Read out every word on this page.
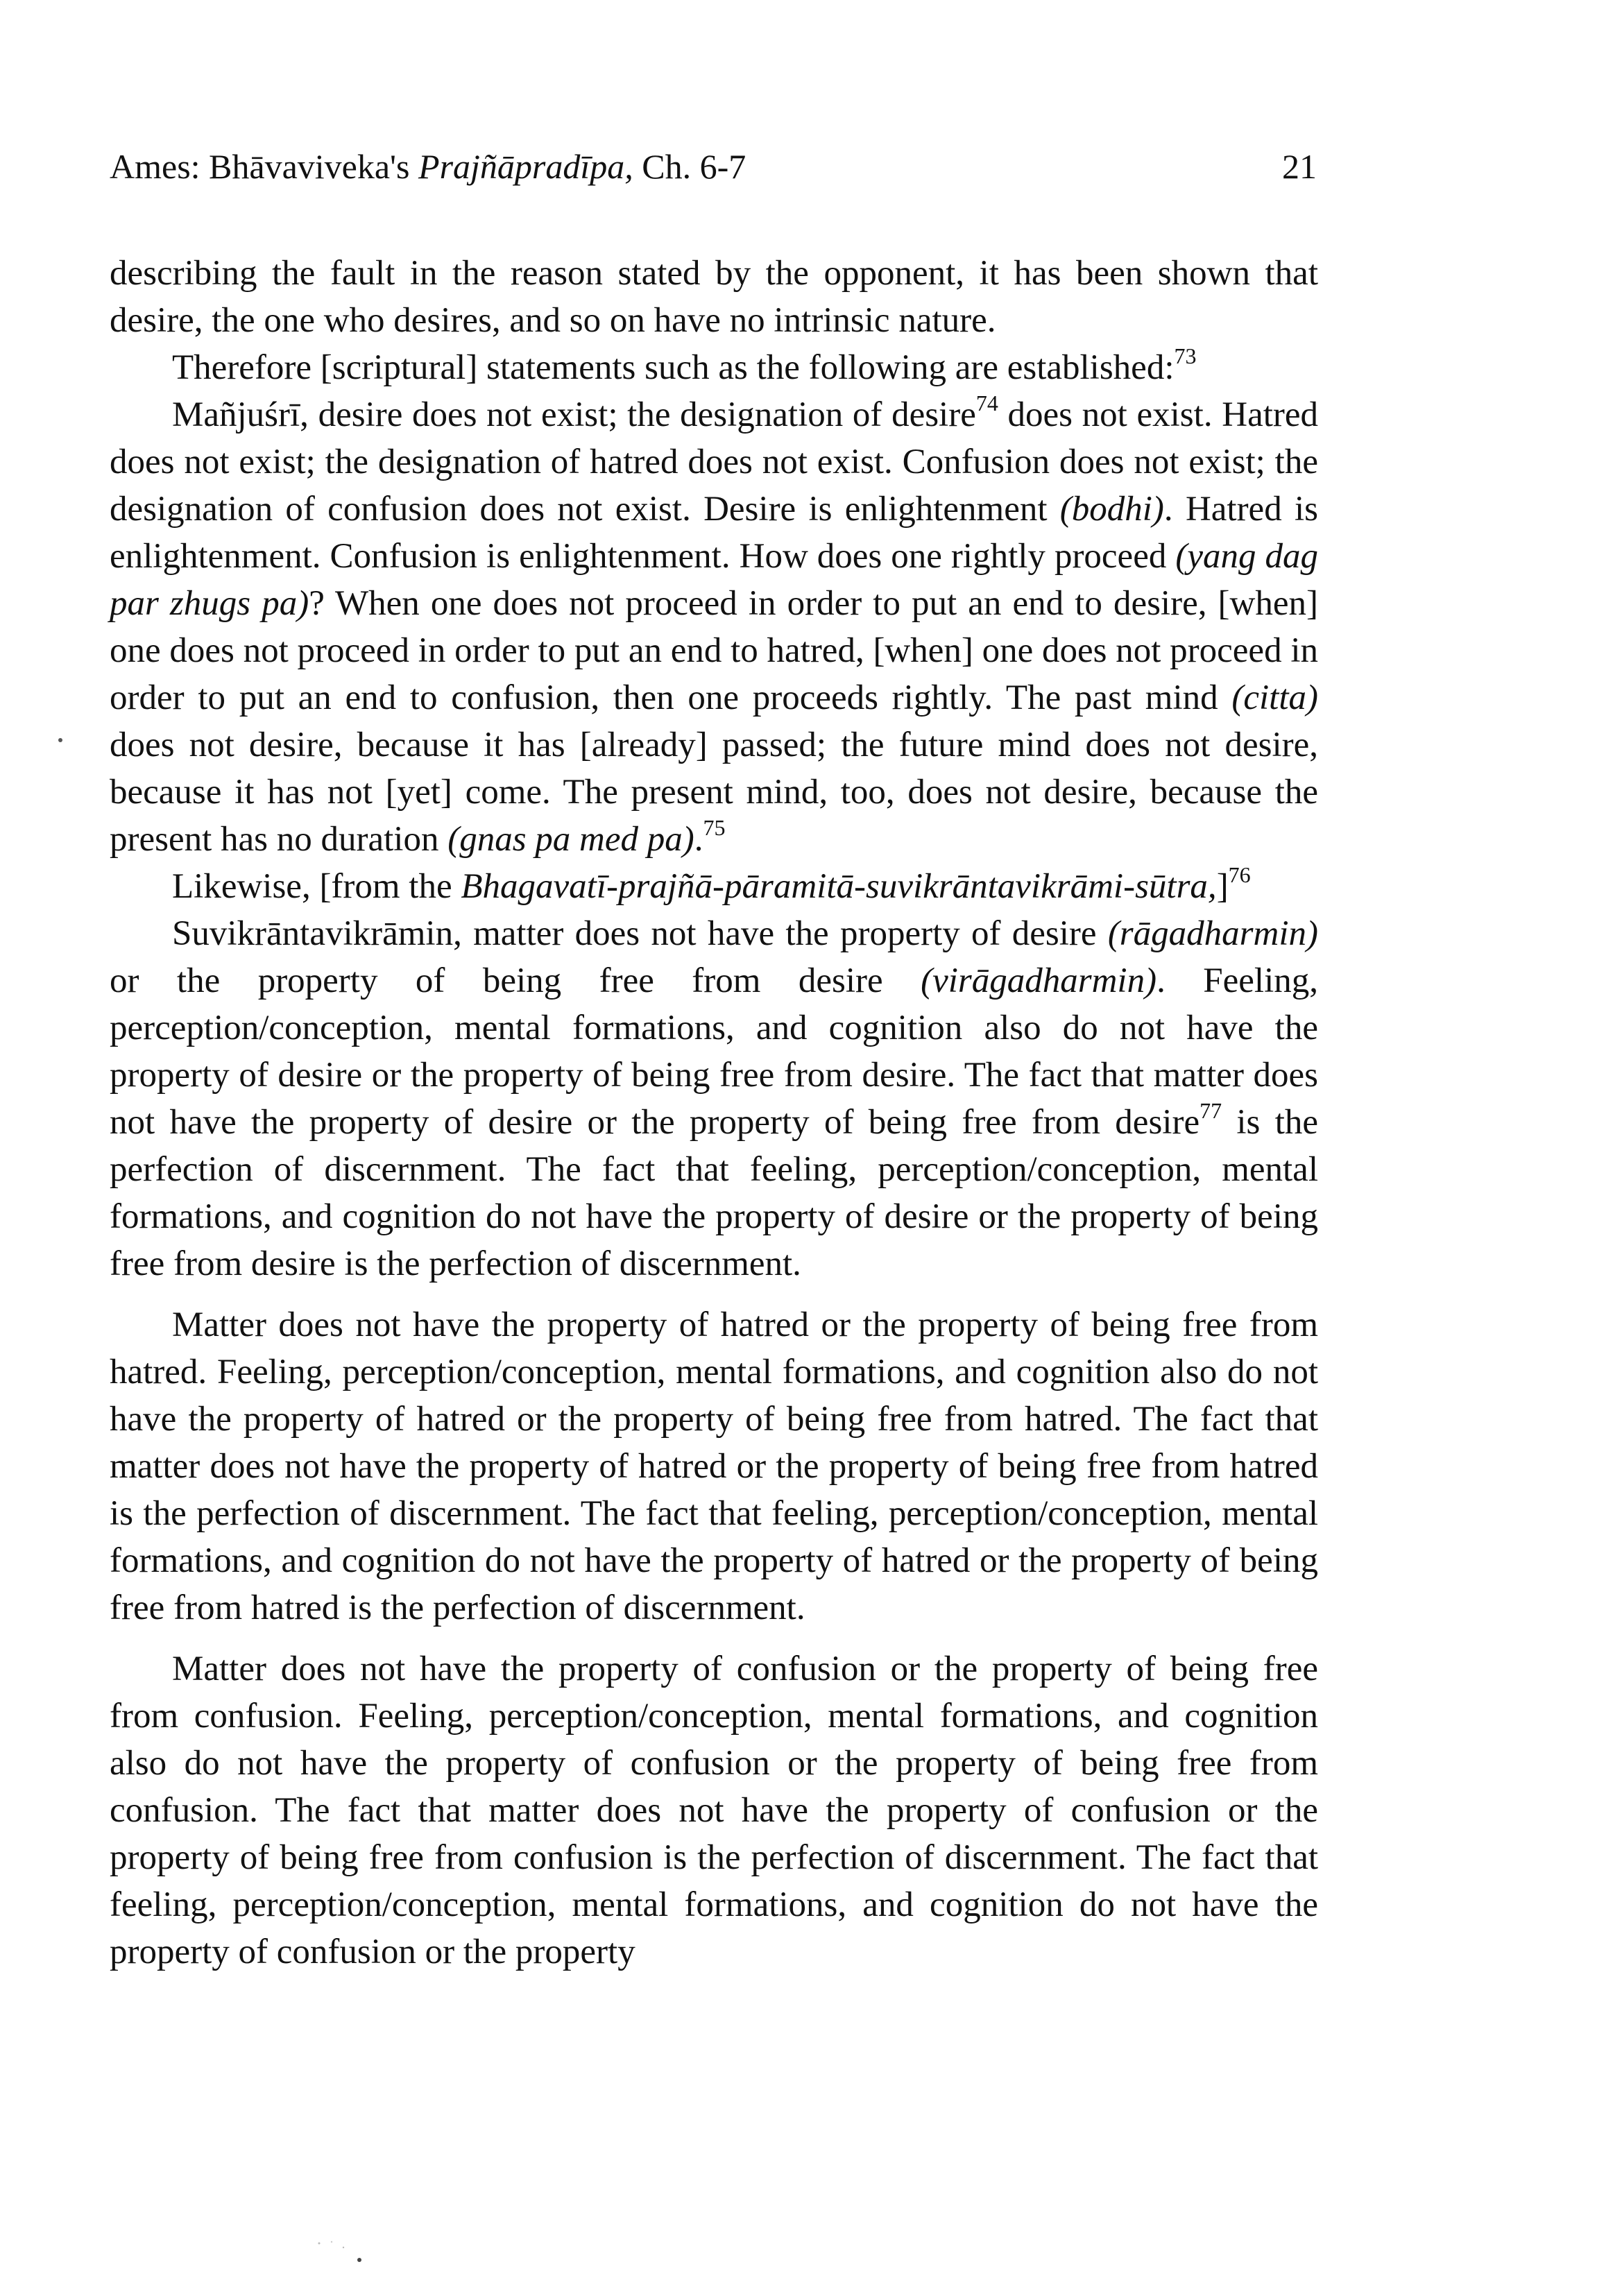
Ames: Bhāvaviveka's Prajñāpradīpa, Ch. 6-7	21

describing the fault in the reason stated by the opponent, it has been shown that desire, the one who desires, and so on have no intrinsic nature.

Therefore [scriptural] statements such as the following are established:$^{73}$

Mañjuśrī, desire does not exist; the designation of desire$^{74}$ does not exist. Hatred does not exist; the designation of hatred does not exist. Confusion does not exist; the designation of confusion does not exist. Desire is enlightenment (bodhi). Hatred is enlightenment. Confusion is enlightenment. How does one rightly proceed (yang dag par zhugs pa)? When one does not proceed in order to put an end to desire, [when] one does not proceed in order to put an end to hatred, [when] one does not proceed in order to put an end to confusion, then one proceeds rightly. The past mind (citta) does not desire, because it has [already] passed; the future mind does not desire, because it has not [yet] come. The present mind, too, does not desire, because the present has no duration (gnas pa med pa).$^{75}$

Likewise, [from the Bhagavatī-prajñā-pāramitā-suvikrāntavikrāmi-sūtra,]$^{76}$

Suvikrāntavikrāmin, matter does not have the property of desire (rāgadharmin) or the property of being free from desire (virāgadharmin). Feeling, perception/conception, mental formations, and cognition also do not have the property of desire or the property of being free from desire. The fact that matter does not have the property of desire or the property of being free from desire$^{77}$ is the perfection of discernment. The fact that feeling, perception/conception, mental formations, and cognition do not have the property of desire or the property of being free from desire is the perfection of discernment.

Matter does not have the property of hatred or the property of being free from hatred. Feeling, perception/conception, mental formations, and cognition also do not have the property of hatred or the property of being free from hatred. The fact that matter does not have the property of hatred or the property of being free from hatred is the perfection of discernment. The fact that feeling, perception/conception, mental formations, and cognition do not have the property of hatred or the property of being free from hatred is the perfection of discernment.

Matter does not have the property of confusion or the property of being free from confusion. Feeling, perception/conception, mental formations, and cognition also do not have the property of confusion or the property of being free from confusion. The fact that matter does not have the property of confusion or the property of being free from confusion is the perfection of discernment. The fact that feeling, perception/conception, mental formations, and cognition do not have the property of confusion or the property
